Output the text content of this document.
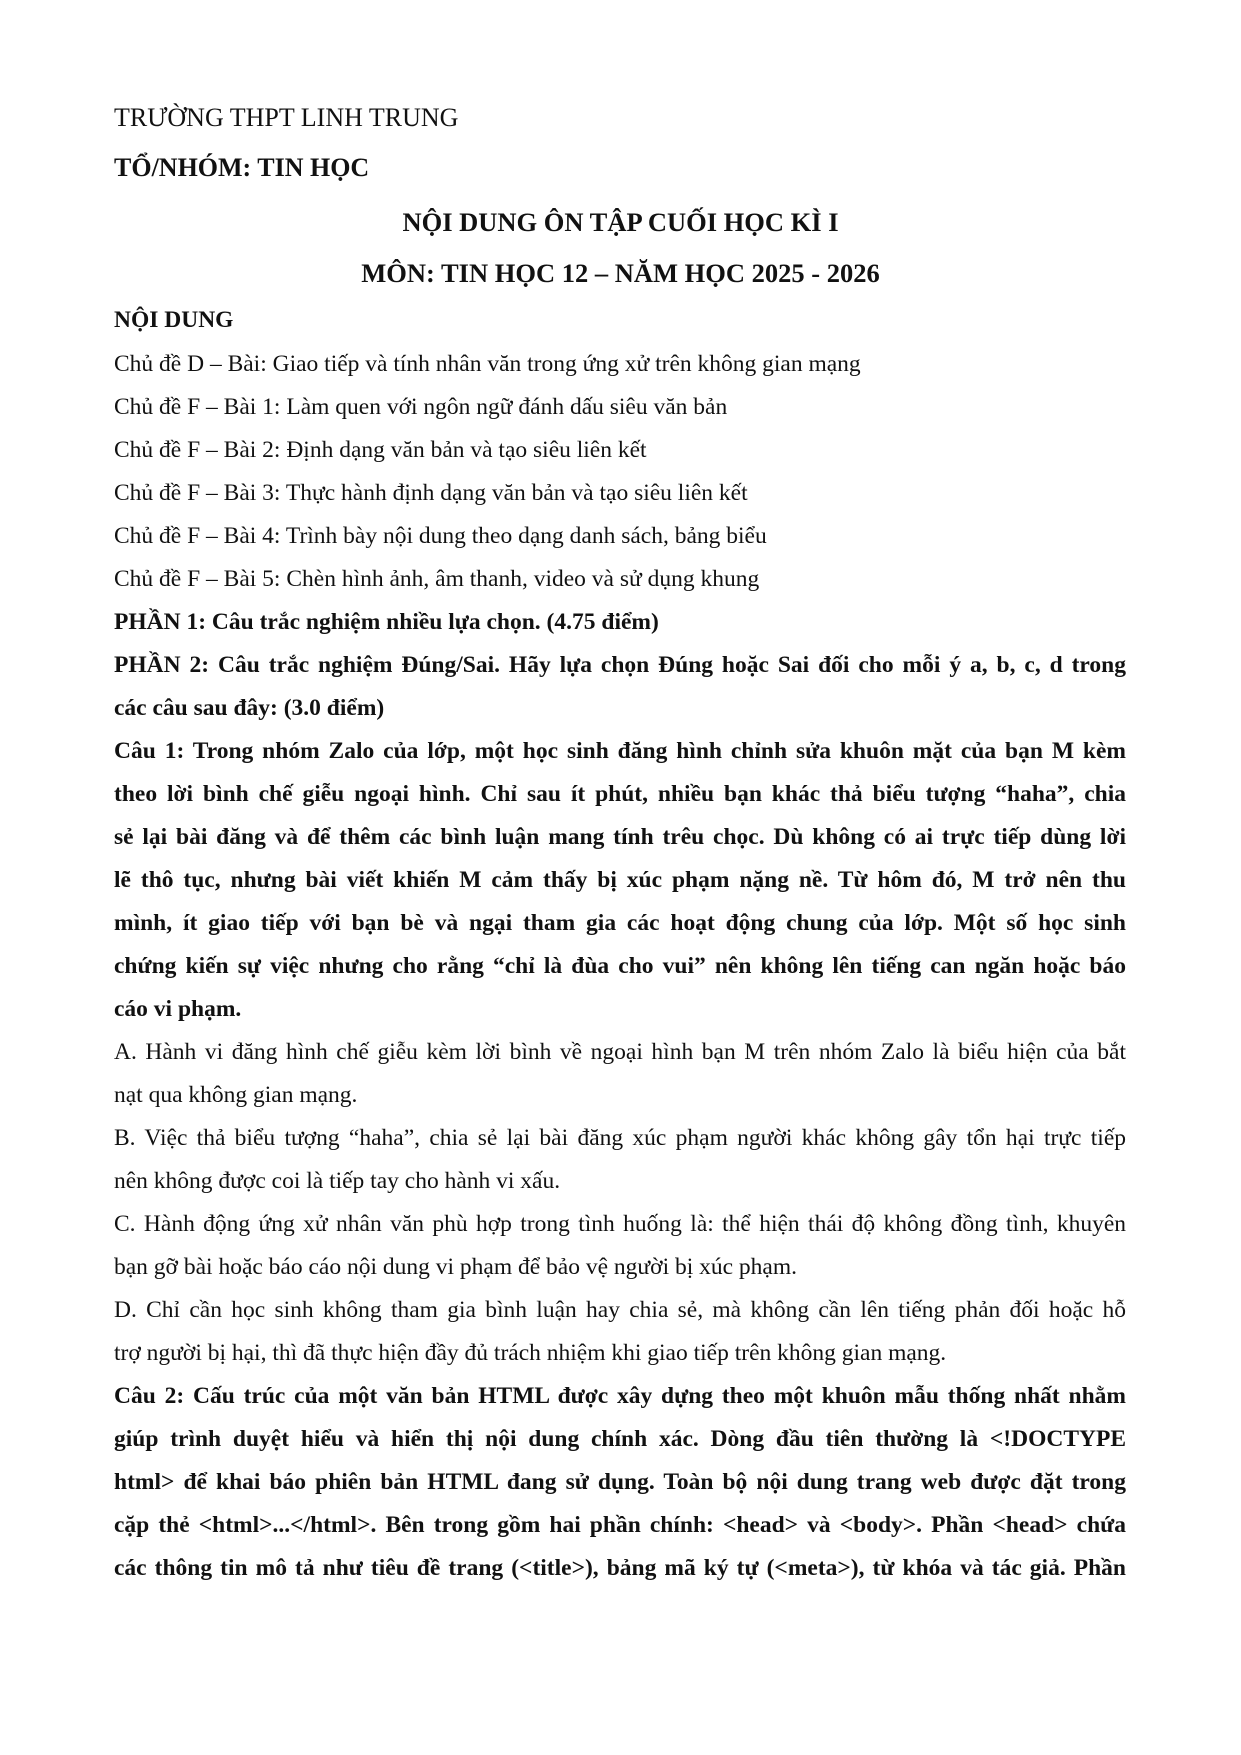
TRƯỜNG THPT LINH TRUNG
TỔ/NHÓM: TIN HỌC
NỘI DUNG ÔN TẬP CUỐI HỌC KÌ I
MÔN: TIN HỌC 12 – NĂM HỌC 2025 - 2026
NỘI DUNG
Chủ đề D – Bài: Giao tiếp và tính nhân văn trong ứng xử trên không gian mạng
Chủ đề F – Bài 1: Làm quen với ngôn ngữ đánh dấu siêu văn bản
Chủ đề F – Bài 2: Định dạng văn bản và tạo siêu liên kết
Chủ đề F – Bài 3: Thực hành định dạng văn bản và tạo siêu liên kết
Chủ đề F – Bài 4: Trình bày nội dung theo dạng danh sách, bảng biểu
Chủ đề F – Bài 5: Chèn hình ảnh, âm thanh, video và sử dụng khung
PHẦN 1: Câu trắc nghiệm nhiều lựa chọn. (4.75 điểm)
PHẦN 2: Câu trắc nghiệm Đúng/Sai. Hãy lựa chọn Đúng hoặc Sai đối cho mỗi ý a, b, c, d trong
các câu sau đây: (3.0 điểm)
Câu 1: Trong nhóm Zalo của lớp, một học sinh đăng hình chỉnh sửa khuôn mặt của bạn M kèm
theo lời bình chế giễu ngoại hình. Chỉ sau ít phút, nhiều bạn khác thả biểu tượng “haha”, chia
sẻ lại bài đăng và để thêm các bình luận mang tính trêu chọc. Dù không có ai trực tiếp dùng lời
lẽ thô tục, nhưng bài viết khiến M cảm thấy bị xúc phạm nặng nề. Từ hôm đó, M trở nên thu
mình, ít giao tiếp với bạn bè và ngại tham gia các hoạt động chung của lớp. Một số học sinh
chứng kiến sự việc nhưng cho rằng “chỉ là đùa cho vui” nên không lên tiếng can ngăn hoặc báo
cáo vi phạm.
A. Hành vi đăng hình chế giễu kèm lời bình về ngoại hình bạn M trên nhóm Zalo là biểu hiện của bắt
nạt qua không gian mạng.
B. Việc thả biểu tượng “haha”, chia sẻ lại bài đăng xúc phạm người khác không gây tổn hại trực tiếp
nên không được coi là tiếp tay cho hành vi xấu.
C. Hành động ứng xử nhân văn phù hợp trong tình huống là: thể hiện thái độ không đồng tình, khuyên
bạn gỡ bài hoặc báo cáo nội dung vi phạm để bảo vệ người bị xúc phạm.
D. Chỉ cần học sinh không tham gia bình luận hay chia sẻ, mà không cần lên tiếng phản đối hoặc hỗ
trợ người bị hại, thì đã thực hiện đầy đủ trách nhiệm khi giao tiếp trên không gian mạng.
Câu 2: Cấu trúc của một văn bản HTML được xây dựng theo một khuôn mẫu thống nhất nhằm
giúp trình duyệt hiểu và hiển thị nội dung chính xác. Dòng đầu tiên thường là <!DOCTYPE
html> để khai báo phiên bản HTML đang sử dụng. Toàn bộ nội dung trang web được đặt trong
cặp thẻ <html>...</html>. Bên trong gồm hai phần chính: <head> và <body>. Phần <head> chứa
các thông tin mô tả như tiêu đề trang (<title>), bảng mã ký tự (<meta>), từ khóa và tác giả. Phần
